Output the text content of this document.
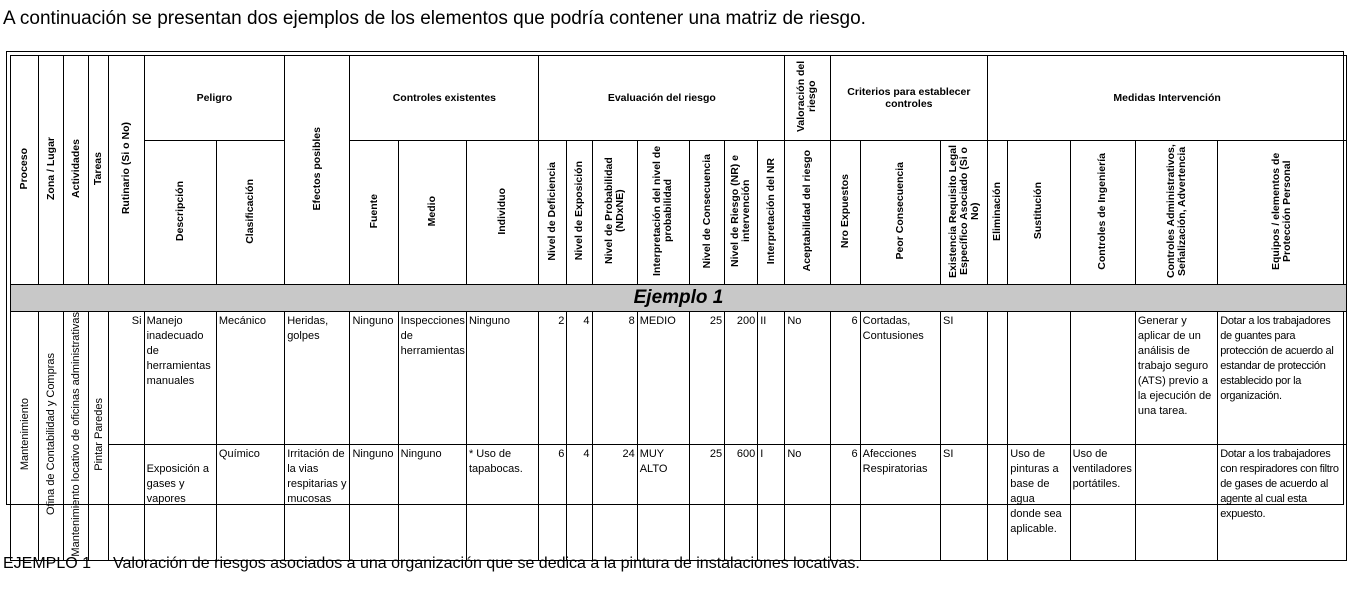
A continuación se presentan dos ejemplos de los elementos que podría contener una matriz de riesgo.
Proceso	Zona / Lugar	Actividades	Tareas	Rutinario (Si o No)	Peligro		Efectos posibles	Controles existentes			Evaluación del riesgo							Valoración del riesgo	Criterios para establecer controles			Medidas Intervención				
					Descripción	Clasificación		Fuente	Medio	Individuo	Nivel de Deficiencia	Nivel de Exposición	Nivel de Probabilidad (NDxNE)	Interpretación del nivel de probabilidad	Nivel de Consecuencia	Nivel de Riesgo (NR) e intervención	Interpretación del NR	Aceptabilidad del riesgo	Nro Expuestos	Peor Consecuencia	Existencia Requisito Legal Específico Asociado (Si o No)	Eliminación	Sustitución	Controles de Ingeniería	Controles Administrativos, Señalización, Advertencia	Equipos / elementos de Protección Personal
Ejemplo 1																										
Mantenimiento	Ofina de Contabilidad y Compras	Mantenimiento locativo de oficinas administrativas	Pintar Paredes	Si	Manejo inadecuado de herramientas manuales	Mecánico	Heridas, golpes	Ninguno	Inspecciones de herramientas	Ninguno	2	4	8	MEDIO	25	200	II	No	6	Cortadas, Contusiones	SI				Generar y aplicar de un análisis de trabajo seguro (ATS) previo a la ejecución de una tarea.	Dotar a los trabajadores de guantes para protección de acuerdo al estandar de protección establecido por la organización.
					Exposición a gases y vapores	Químico	Irritación de la vias respitarias y mucosas	Ninguno	Ninguno	* Uso de tapabocas.	6	4	24	MUY ALTO	25	600	I	No	6	Afecciones Respiratorias	SI		Uso de pinturas a base de agua donde sea aplicable.	Uso de ventiladores portátiles.		Dotar a los trabajadores con respiradores con filtro de gases de acuerdo al agente al cual esta expuesto.
EJEMPLO 1 Valoración de riesgos asociados a una organización que se dedica a la pintura de instalaciones locativas.
